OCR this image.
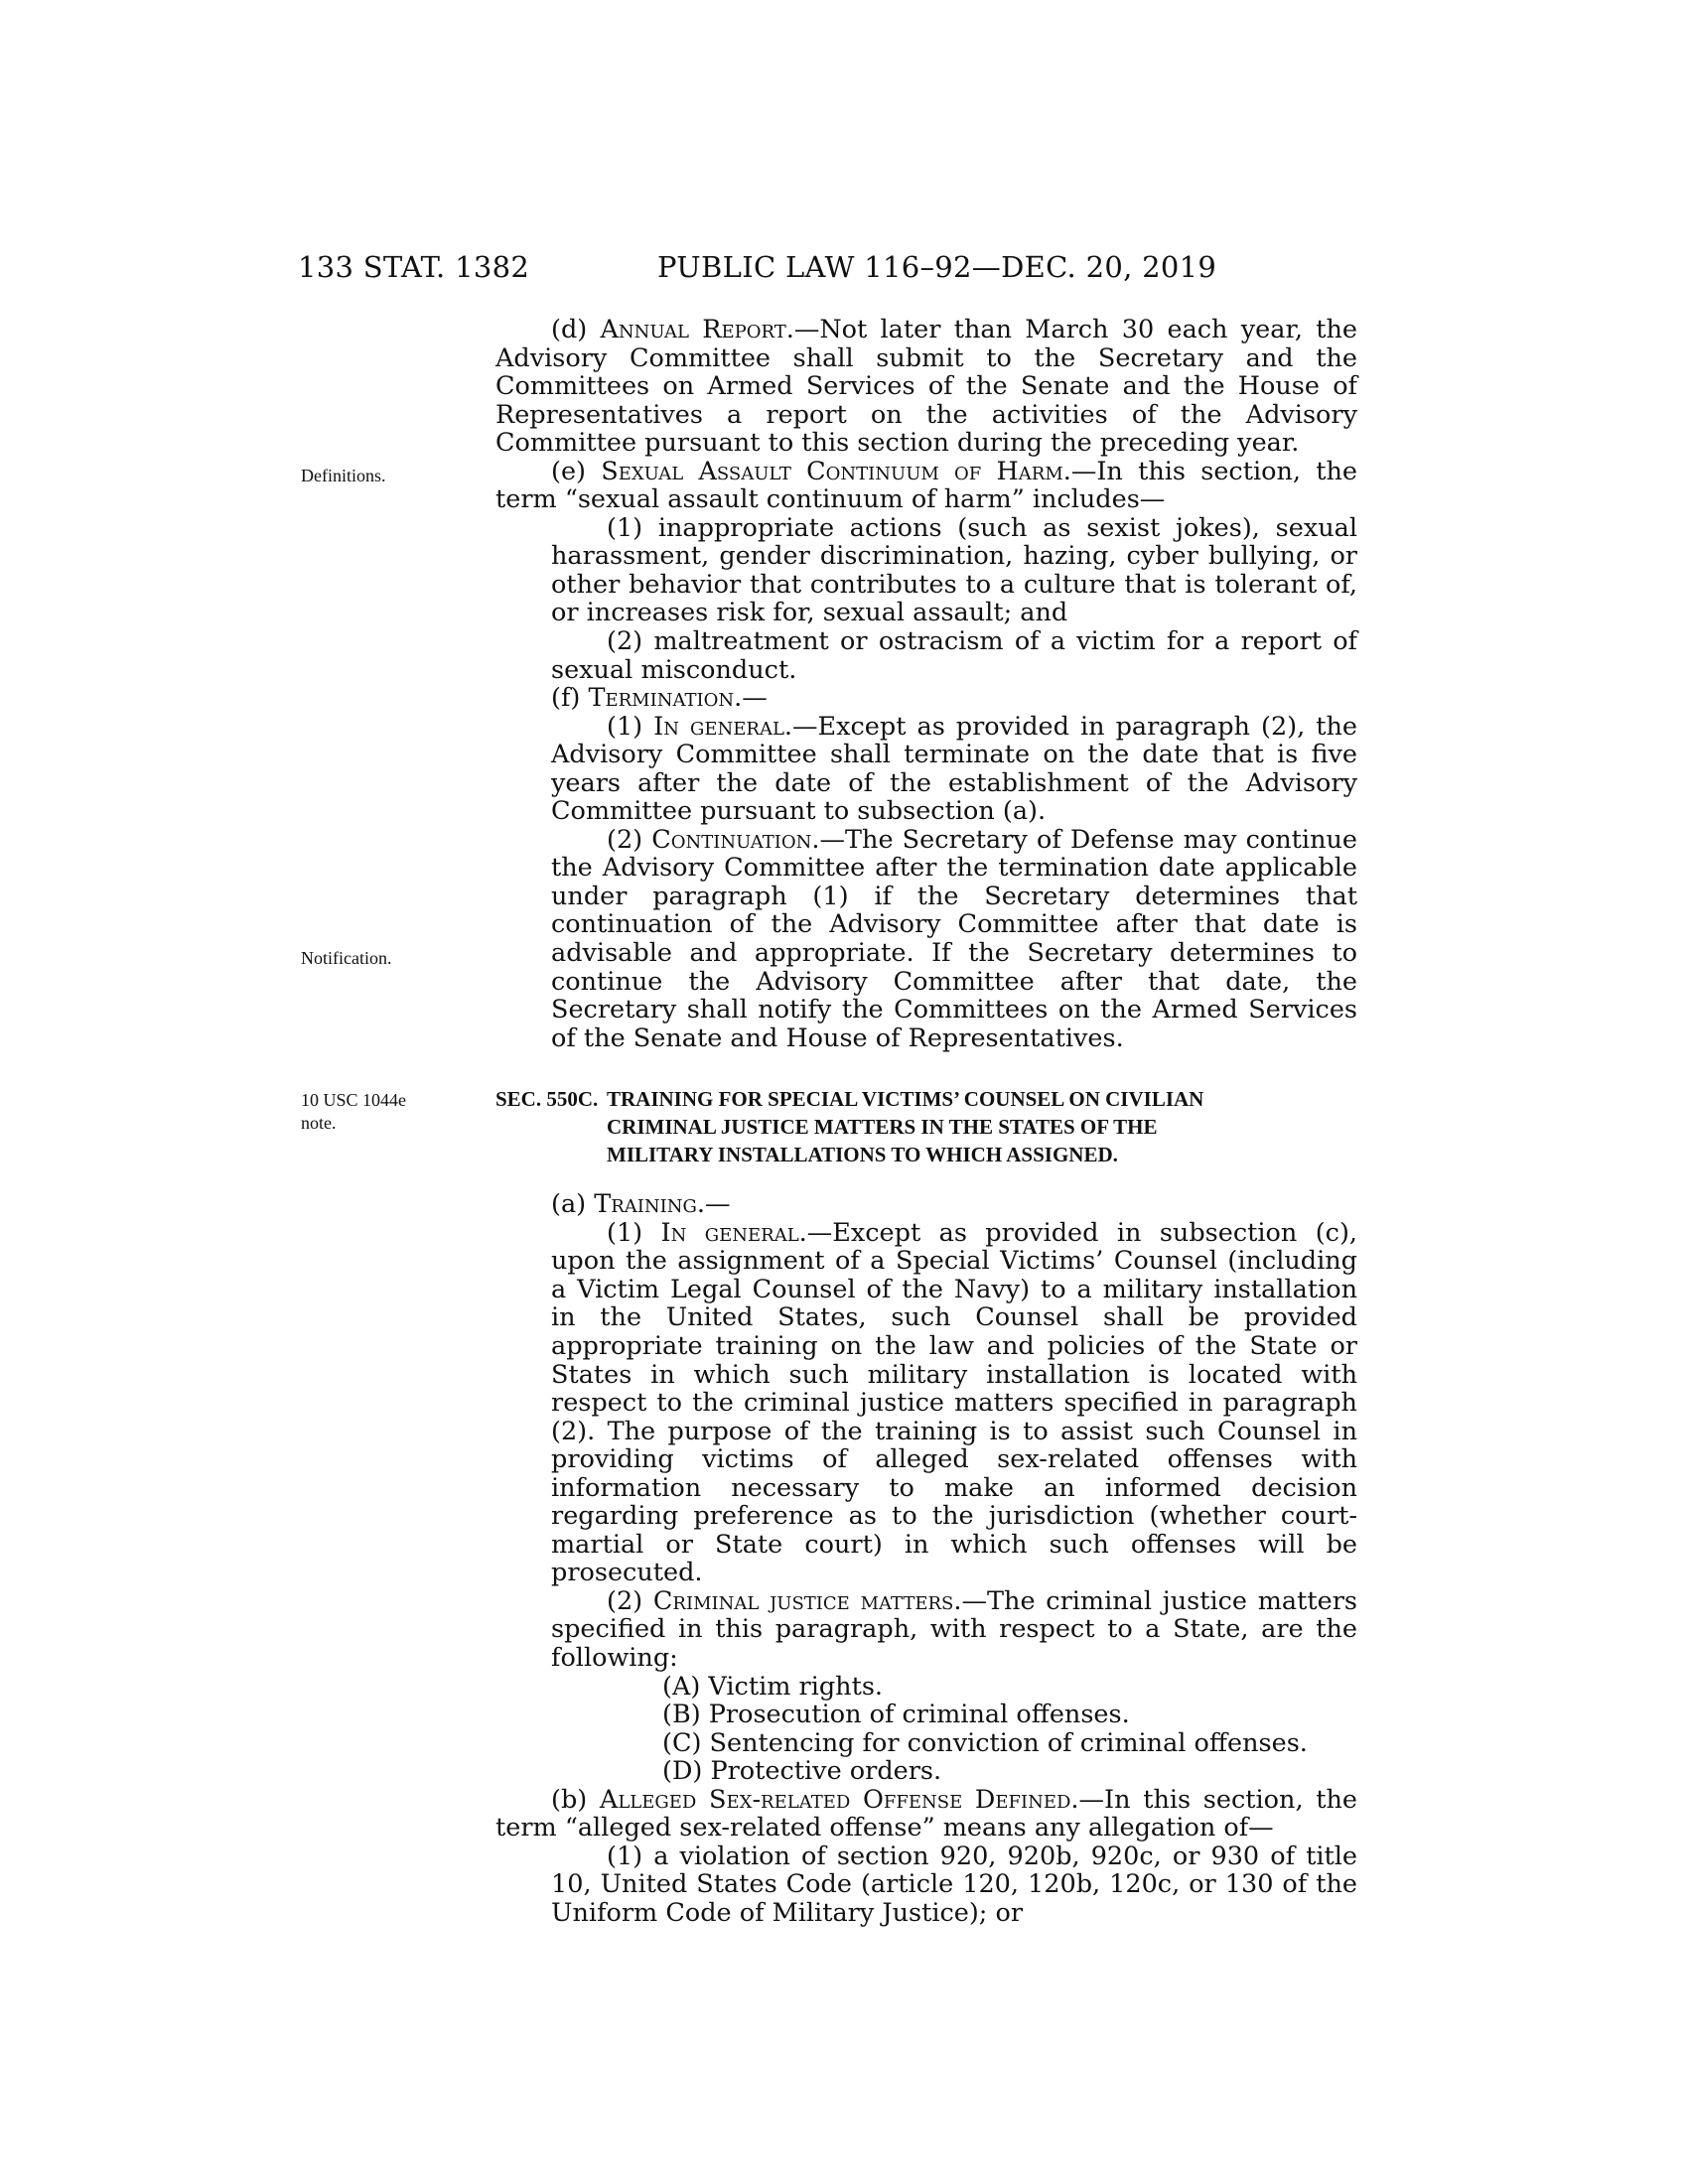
133 STAT. 1382	PUBLIC LAW 116–92—DEC. 20, 2019
Definitions.
Notification.
10 USC 1044e
note.

(d) Annual Report.—Not later than March 30 each year, the Advisory Committee shall submit to the Secretary and the Committees on Armed Services of the Senate and the House of Representatives a report on the activities of the Advisory Committee pursuant to this section during the preceding year.

(e) Sexual Assault Continuum of Harm.—In this section, the term “sexual assault continuum of harm” includes—

(1) inappropriate actions (such as sexist jokes), sexual harassment, gender discrimination, hazing, cyber bullying, or other behavior that contributes to a culture that is tolerant of, or increases risk for, sexual assault; and

(2) maltreatment or ostracism of a victim for a report of sexual misconduct.

(f) Termination.—

(1) In general.—Except as provided in paragraph (2), the Advisory Committee shall terminate on the date that is five years after the date of the establishment of the Advisory Committee pursuant to subsection (a).

(2) Continuation.—The Secretary of Defense may continue the Advisory Committee after the termination date applicable under paragraph (1) if the Secretary determines that continuation of the Advisory Committee after that date is advisable and appropriate. If the Secretary determines to continue the Advisory Committee after that date, the Secretary shall notify the Committees on the Armed Services of the Senate and House of Representatives.

SEC. 550C. TRAINING FOR SPECIAL VICTIMS’ COUNSEL ON CIVILIAN
CRIMINAL JUSTICE MATTERS IN THE STATES OF THE
MILITARY INSTALLATIONS TO WHICH ASSIGNED.

(a) Training.—

(1) In general.—Except as provided in subsection (c), upon the assignment of a Special Victims’ Counsel (including a Victim Legal Counsel of the Navy) to a military installation in the United States, such Counsel shall be provided appropriate training on the law and policies of the State or States in which such military installation is located with respect to the criminal justice matters specified in paragraph (2). The purpose of the training is to assist such Counsel in providing victims of alleged sex-related offenses with information necessary to make an informed decision regarding preference as to the jurisdiction (whether court-martial or State court) in which such offenses will be prosecuted.

(2) Criminal justice matters.—The criminal justice matters specified in this paragraph, with respect to a State, are the following:

(A) Victim rights.

(B) Prosecution of criminal offenses.

(C) Sentencing for conviction of criminal offenses.

(D) Protective orders.

(b) Alleged Sex-related Offense Defined.—In this section, the term “alleged sex-related offense” means any allegation of—

(1) a violation of section 920, 920b, 920c, or 930 of title 10, United States Code (article 120, 120b, 120c, or 130 of the Uniform Code of Military Justice); or
